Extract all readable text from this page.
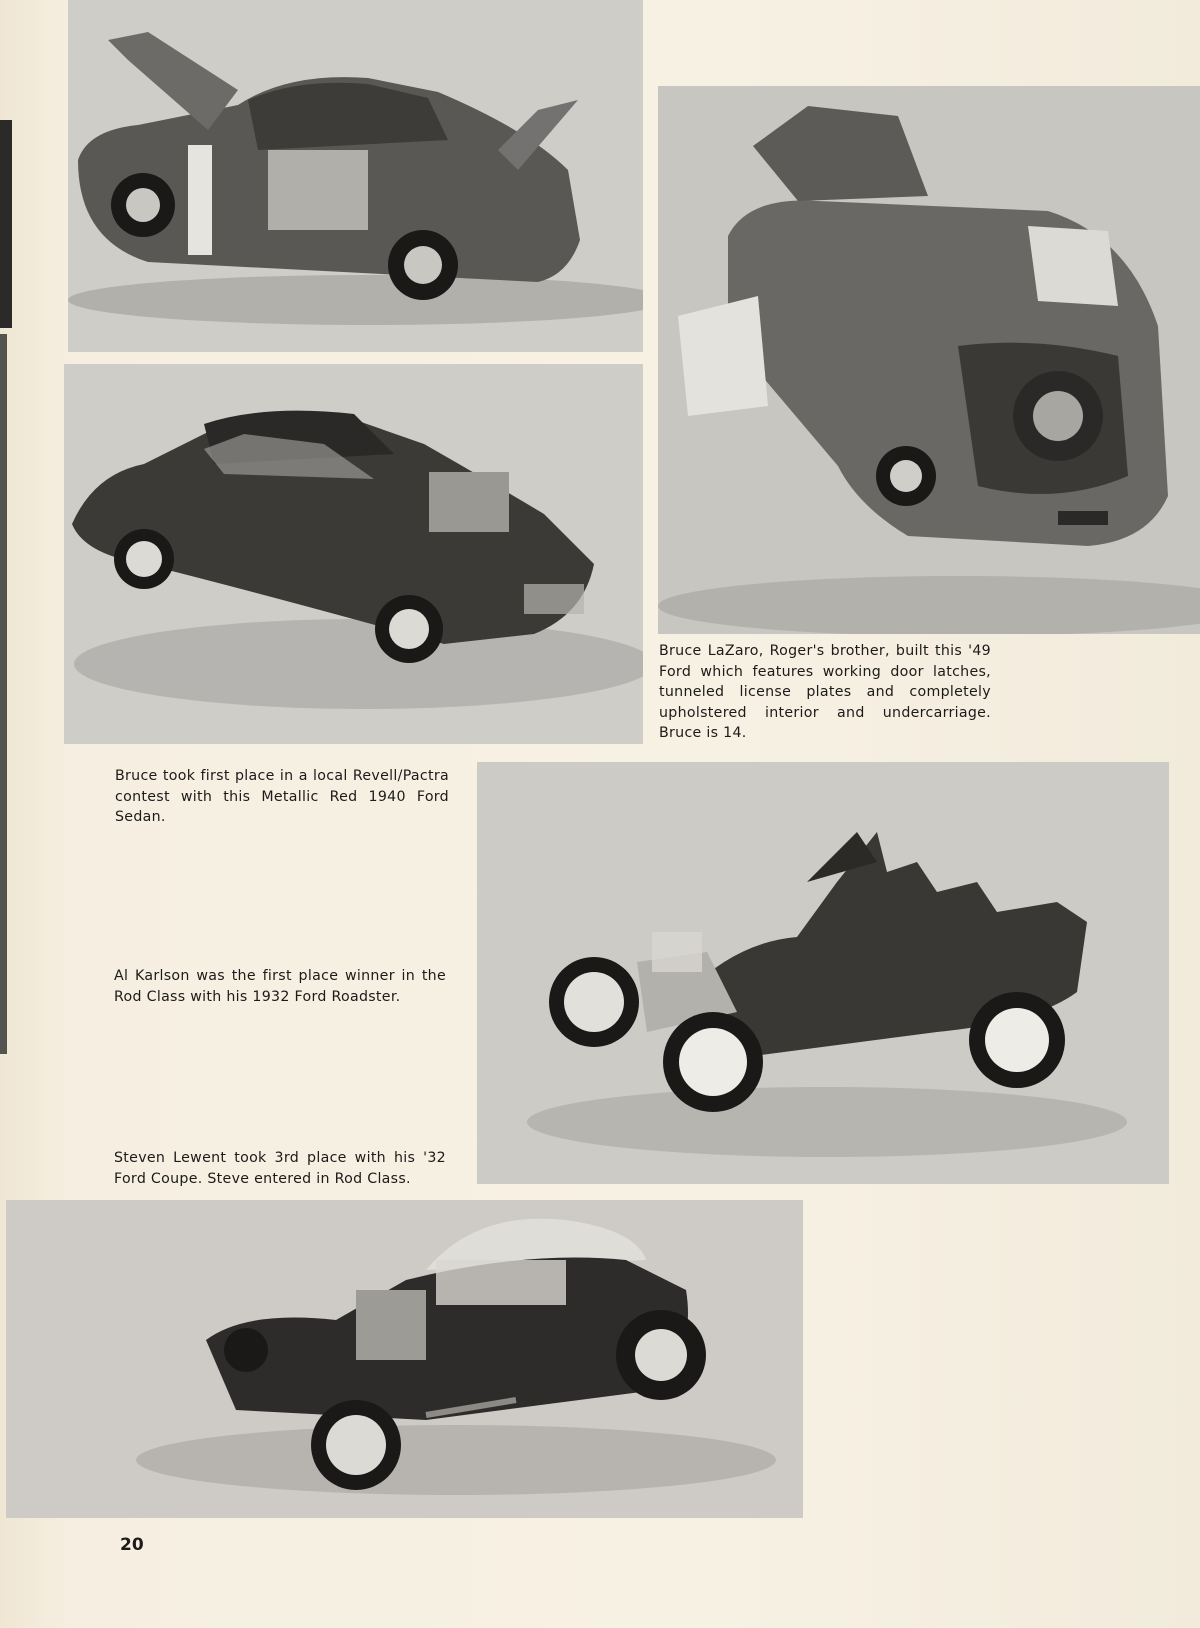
Bruce LaZaro, Roger's brother, built this '49 Ford which features working door latches, tunneled license plates and completely upholstered interior and undercarriage. Bruce is 14.

Bruce took first place in a local Revell/Pactra contest with this Metallic Red 1940 Ford Sedan.

Al Karlson was the first place winner in the Rod Class with his 1932 Ford Roadster.

Steven Lewent took 3rd place with his '32 Ford Coupe. Steve entered in Rod Class.

20
